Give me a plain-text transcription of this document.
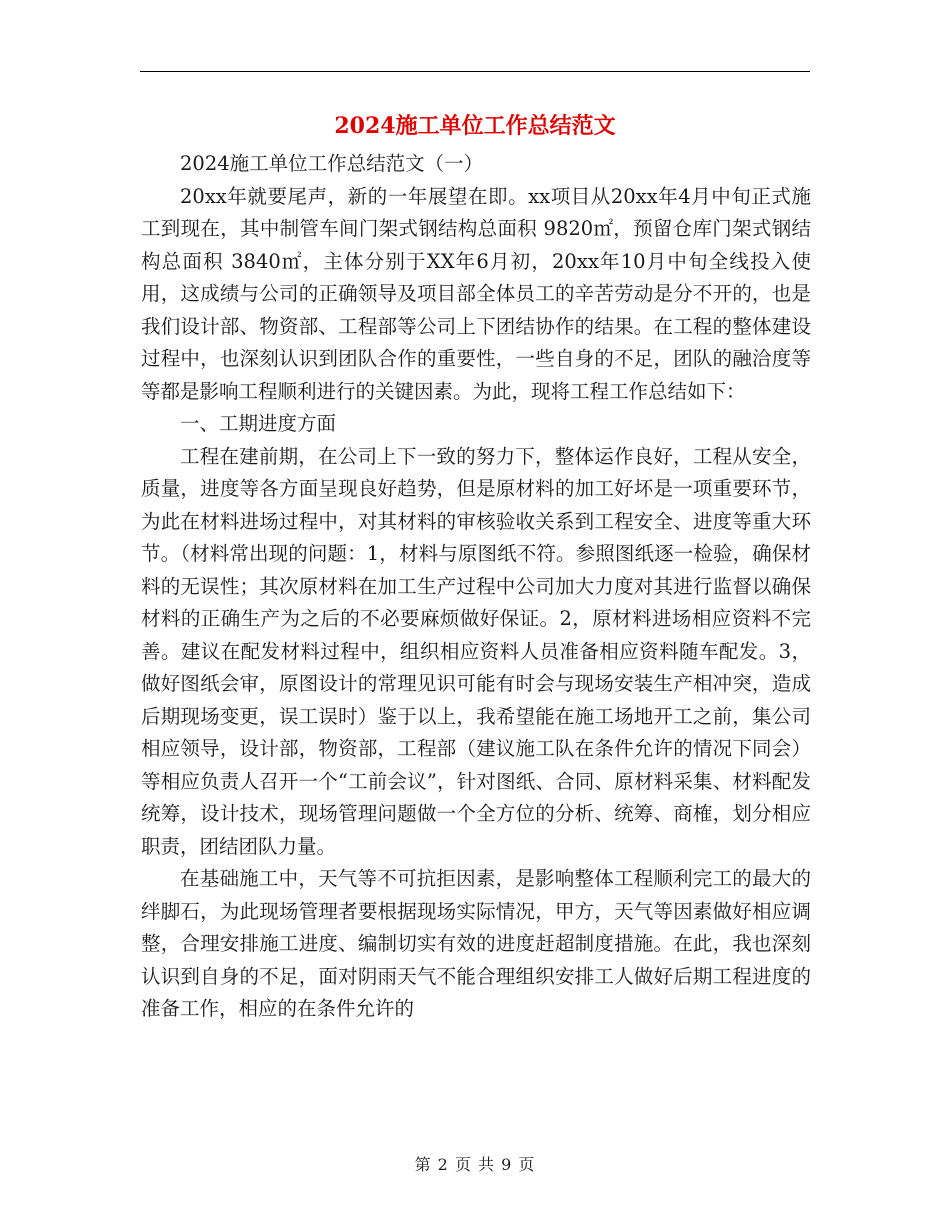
2024施工单位工作总结范文

2024施工单位工作总结范文（一）

20xx年就要尾声，新的一年展望在即。xx项目从20xx年4月中旬正式施工到现在，其中制管车间门架式钢结构总面积 9820㎡，预留仓库门架式钢结构总面积 3840㎡，主体分别于XX年6月初，20xx年10月中旬全线投入使用，这成绩与公司的正确领导及项目部全体员工的辛苦劳动是分不开的，也是我们设计部、物资部、工程部等公司上下团结协作的结果。在工程的整体建设过程中，也深刻认识到团队合作的重要性，一些自身的不足，团队的融洽度等等都是影响工程顺利进行的关键因素。为此，现将工程工作总结如下：

一、工期进度方面

工程在建前期，在公司上下一致的努力下，整体运作良好，工程从安全，质量，进度等各方面呈现良好趋势，但是原材料的加工好坏是一项重要环节，为此在材料进场过程中，对其材料的审核验收关系到工程安全、进度等重大环节。（材料常出现的问题：1，材料与原图纸不符。参照图纸逐一检验，确保材料的无误性；其次原材料在加工生产过程中公司加大力度对其进行监督以确保材料的正确生产为之后的不必要麻烦做好保证。2，原材料进场相应资料不完善。建议在配发材料过程中，组织相应资料人员准备相应资料随车配发。3，做好图纸会审，原图设计的常理见识可能有时会与现场安装生产相冲突，造成后期现场变更，误工误时）鉴于以上，我希望能在施工场地开工之前，集公司相应领导，设计部，物资部，工程部（建议施工队在条件允许的情况下同会）等相应负责人召开一个“工前会议”，针对图纸、合同、原材料采集、材料配发统筹，设计技术，现场管理问题做一个全方位的分析、统筹、商榷，划分相应职责，团结团队力量。

在基础施工中，天气等不可抗拒因素，是影响整体工程顺利完工的最大的绊脚石，为此现场管理者要根据现场实际情况，甲方，天气等因素做好相应调整，合理安排施工进度、编制切实有效的进度赶超制度措施。在此，我也深刻认识到自身的不足，面对阴雨天气不能合理组织安排工人做好后期工程进度的准备工作，相应的在条件允许的

第 2 页 共 9 页
